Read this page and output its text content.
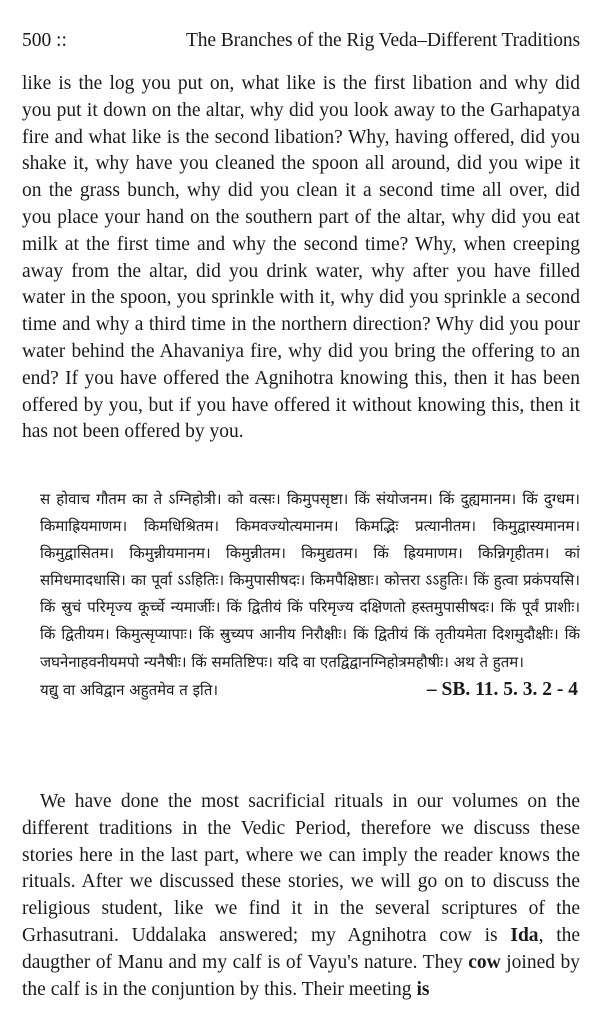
500 ::	The Branches of the Rig Veda–Different Traditions

like is the log you put on, what like is the first libation and why did you put it down on the altar, why did you look away to the Garhapatya fire and what like is the second libation? Why, having offered, did you shake it, why have you cleaned the spoon all around, did you wipe it on the grass bunch, why did you clean it a second time all over, did you place your hand on the southern part of the altar, why did you eat milk at the first time and why the second time? Why, when creeping away from the altar, did you drink water, why after you have filled water in the spoon, you sprinkle with it, why did you sprinkle a second time and why a third time in the northern direction? Why did you pour water behind the Ahavaniya fire, why did you bring the offering to an end? If you have offered the Agnihotra knowing this, then it has been offered by you, but if you have offered it without knowing this, then it has not been offered by you.

स होवाच गौतम का ते ऽग्निहोत्री। को वत्सः। किमुपसृष्टा। किं संयोजनम। किं दुह्यमानम। किं दुग्धम। किमाह्रियमाणम। किमधिश्रितम। किमवज्योत्यमानम। किमद्भिः प्रत्यानीतम। किमुद्वास्यमानम। किमुद्वासितम। किमुन्नीयमानम। किमुन्नीतम। किमुद्यतम। किं ह्रियमाणम। किन्निगृहीतम। कां समिधमादधासि। का पूर्वा ऽऽहितिः। किमुपासीषदः। किमपैक्षिष्ठाः। कोत्तरा ऽऽहुतिः। किं हुत्वा प्रकंपयसि। किं स्रुचं परिमृज्य कूर्च्चे न्यमार्जीः। किं द्वितीयं किं परिमृज्य दक्षिणतो हस्तमुपासीषदः। किं पूर्वं प्राशीः। किं द्वितीयम। किमुत्सृप्यापाः। किं स्रुच्यप आनीय निरौक्षीः। किं द्वितीयं किं तृतीयमेता दिशमुदौक्षीः। किं जघनेनाहवनीयमपो न्यनैषीः। किं समतिष्टिपः। यदि वा एतद्विद्वानग्निहोत्रमहौषीः। अथ ते हुतम।
यद्यु वा अविद्वान अहुतमेव त इति।	– SB. 11. 5. 3. 2 - 4

We have done the most sacrificial rituals in our volumes on the different traditions in the Vedic Period, therefore we discuss these stories here in the last part, where we can imply the reader knows the rituals. After we discussed these stories, we will go on to discuss the religious student, like we find it in the several scriptures of the Grhasutrani. Uddalaka answered; my Agnihotra cow is Ida, the daugther of Manu and my calf is of Vayu's nature. They cow joined by the calf is in the conjuntion by this. Their meeting is
